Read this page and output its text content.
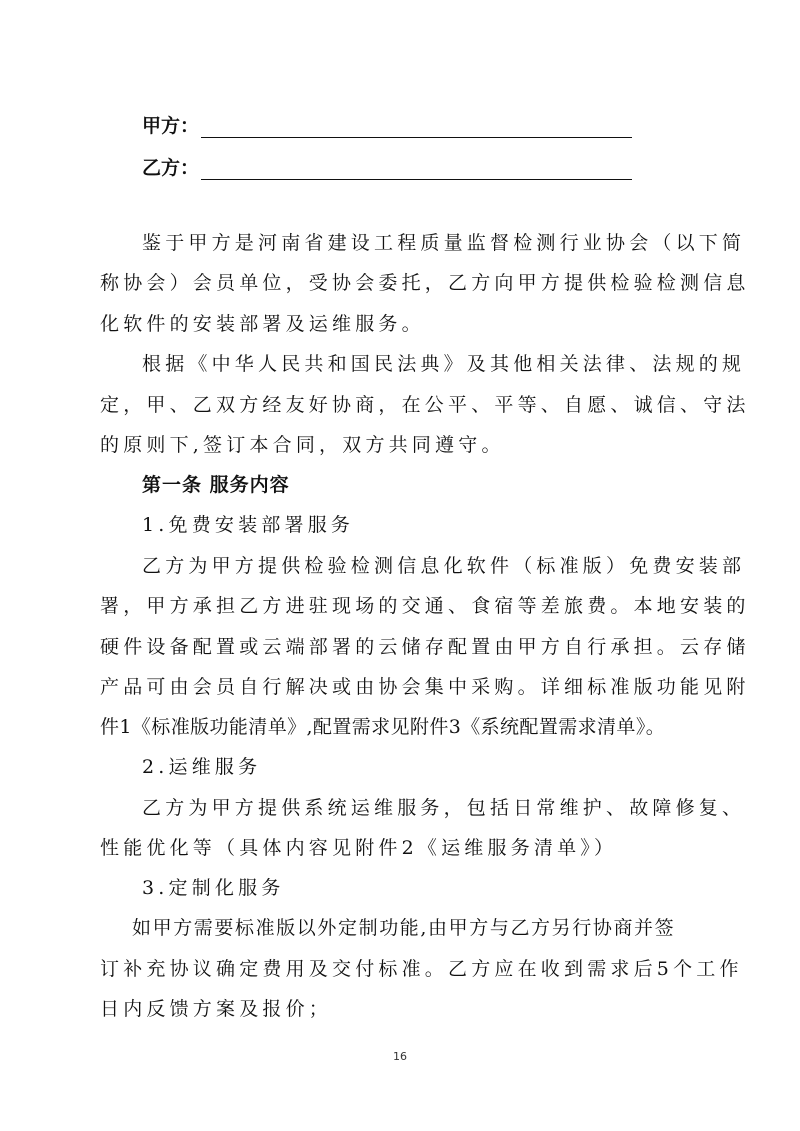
甲方：
乙方：
鉴于甲方是河南省建设工程质量监督检测行业协会（以下简
称协会）会员单位，受协会委托，乙方向甲方提供检验检测信息
化软件的安装部署及运维服务。
根据《中华人民共和国民法典》及其他相关法律、法规的规
定，甲、乙双方经友好协商，在公平、平等、自愿、诚信、守法
的原则下,签订本合同，双方共同遵守。
第一条 服务内容
1.免费安装部署服务
乙方为甲方提供检验检测信息化软件（标准版）免费安装部
署，甲方承担乙方进驻现场的交通、食宿等差旅费。本地安装的
硬件设备配置或云端部署的云储存配置由甲方自行承担。云存储
产品可由会员自行解决或由协会集中采购。详细标准版功能见附
件1《标准版功能清单》,配置需求见附件3《系统配置需求清单》。
2.运维服务
乙方为甲方提供系统运维服务，包括日常维护、故障修复、
性能优化等（具体内容见附件2《运维服务清单》）
3.定制化服务
如甲方需要标准版以外定制功能,由甲方与乙方另行协商并签
订补充协议确定费用及交付标准。乙方应在收到需求后5个工作
日内反馈方案及报价；
16
